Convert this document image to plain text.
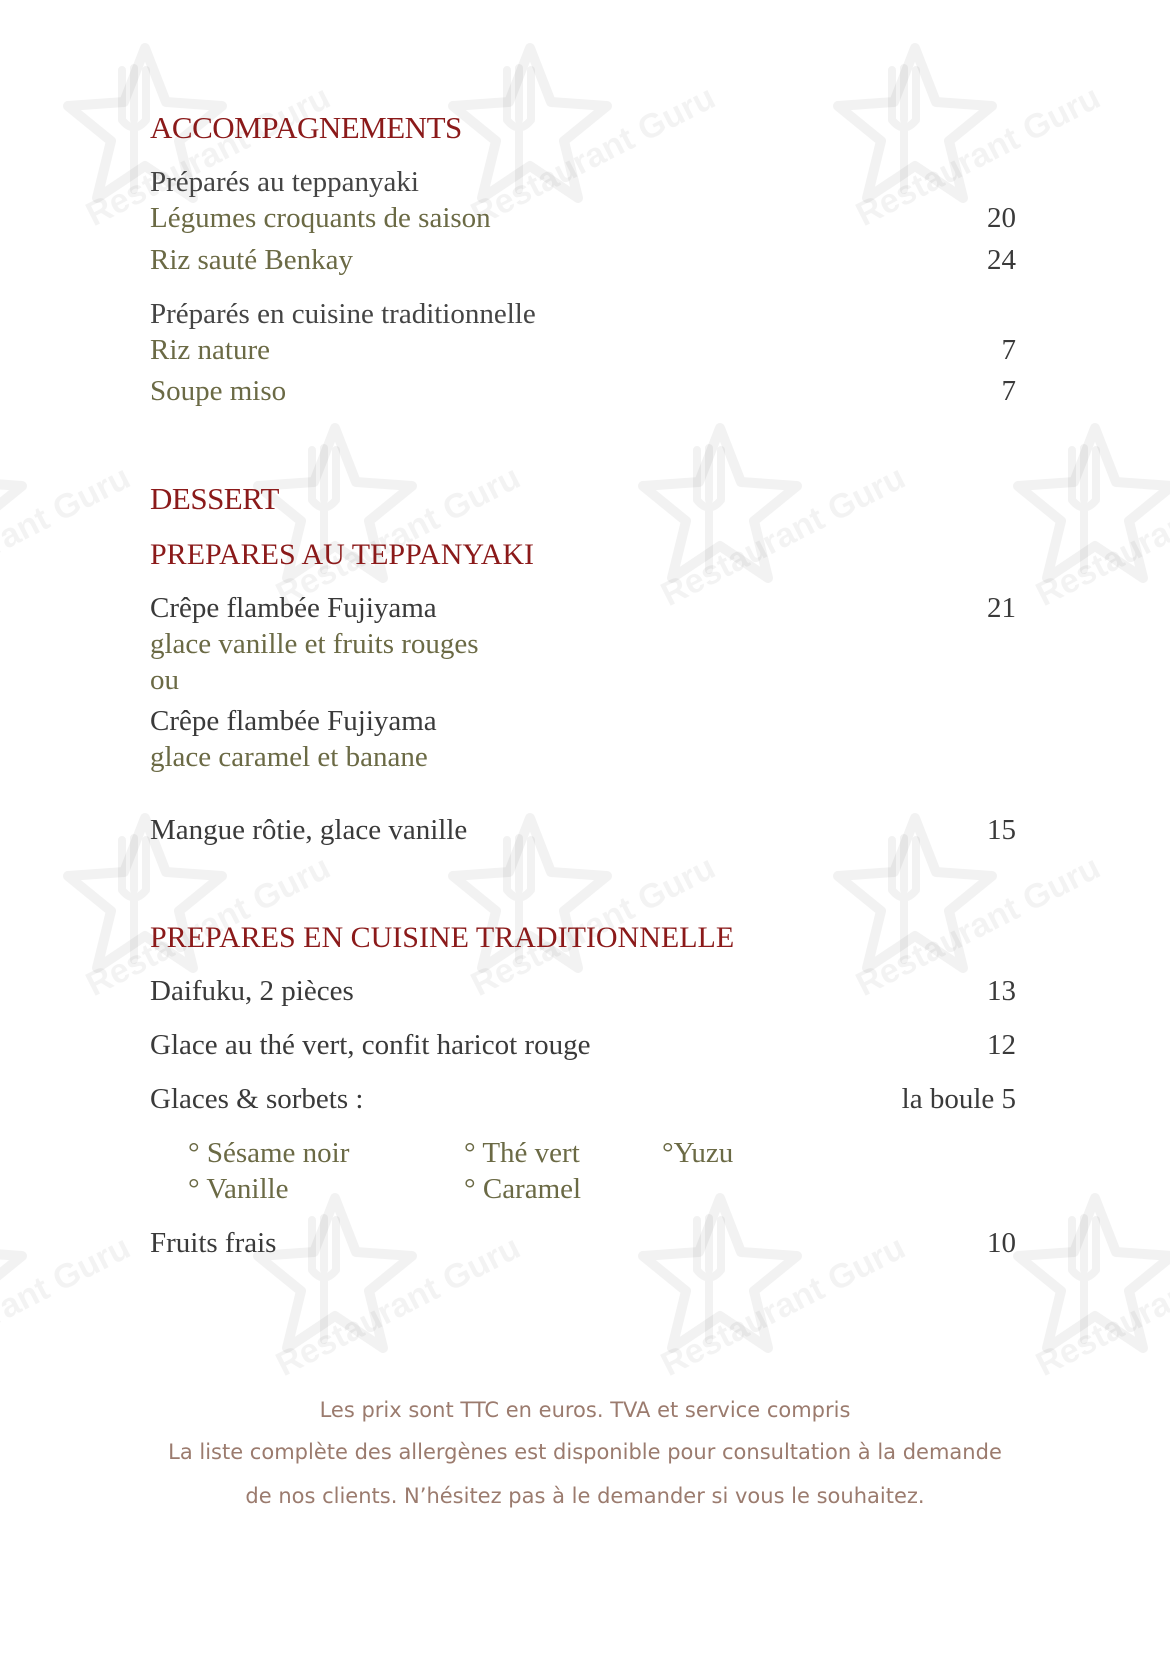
ACCOMPAGNEMENTS
Préparés au teppanyaki
Légumes croquants de saison	20
Riz sauté Benkay	24
Préparés en cuisine traditionnelle
Riz nature	7
Soupe miso	7
DESSERT
PREPARES AU TEPPANYAKI
Crêpe flambée Fujiyama	21
glace vanille et fruits rouges
ou
Crêpe flambée Fujiyama
glace caramel et banane
Mangue rôtie, glace vanille	15
PREPARES EN CUISINE TRADITIONNELLE
Daifuku, 2 pièces	13
Glace au thé vert, confit haricot rouge	12
Glaces & sorbets :	la boule 5
° Sésame noir	° Thé vert	°Yuzu
° Vanille	° Caramel
Fruits frais	10
Les prix sont TTC en euros. TVA et service compris
La liste complète des allergènes est disponible pour consultation à la demande
de nos clients. N’hésitez pas à le demander si vous le souhaitez.
